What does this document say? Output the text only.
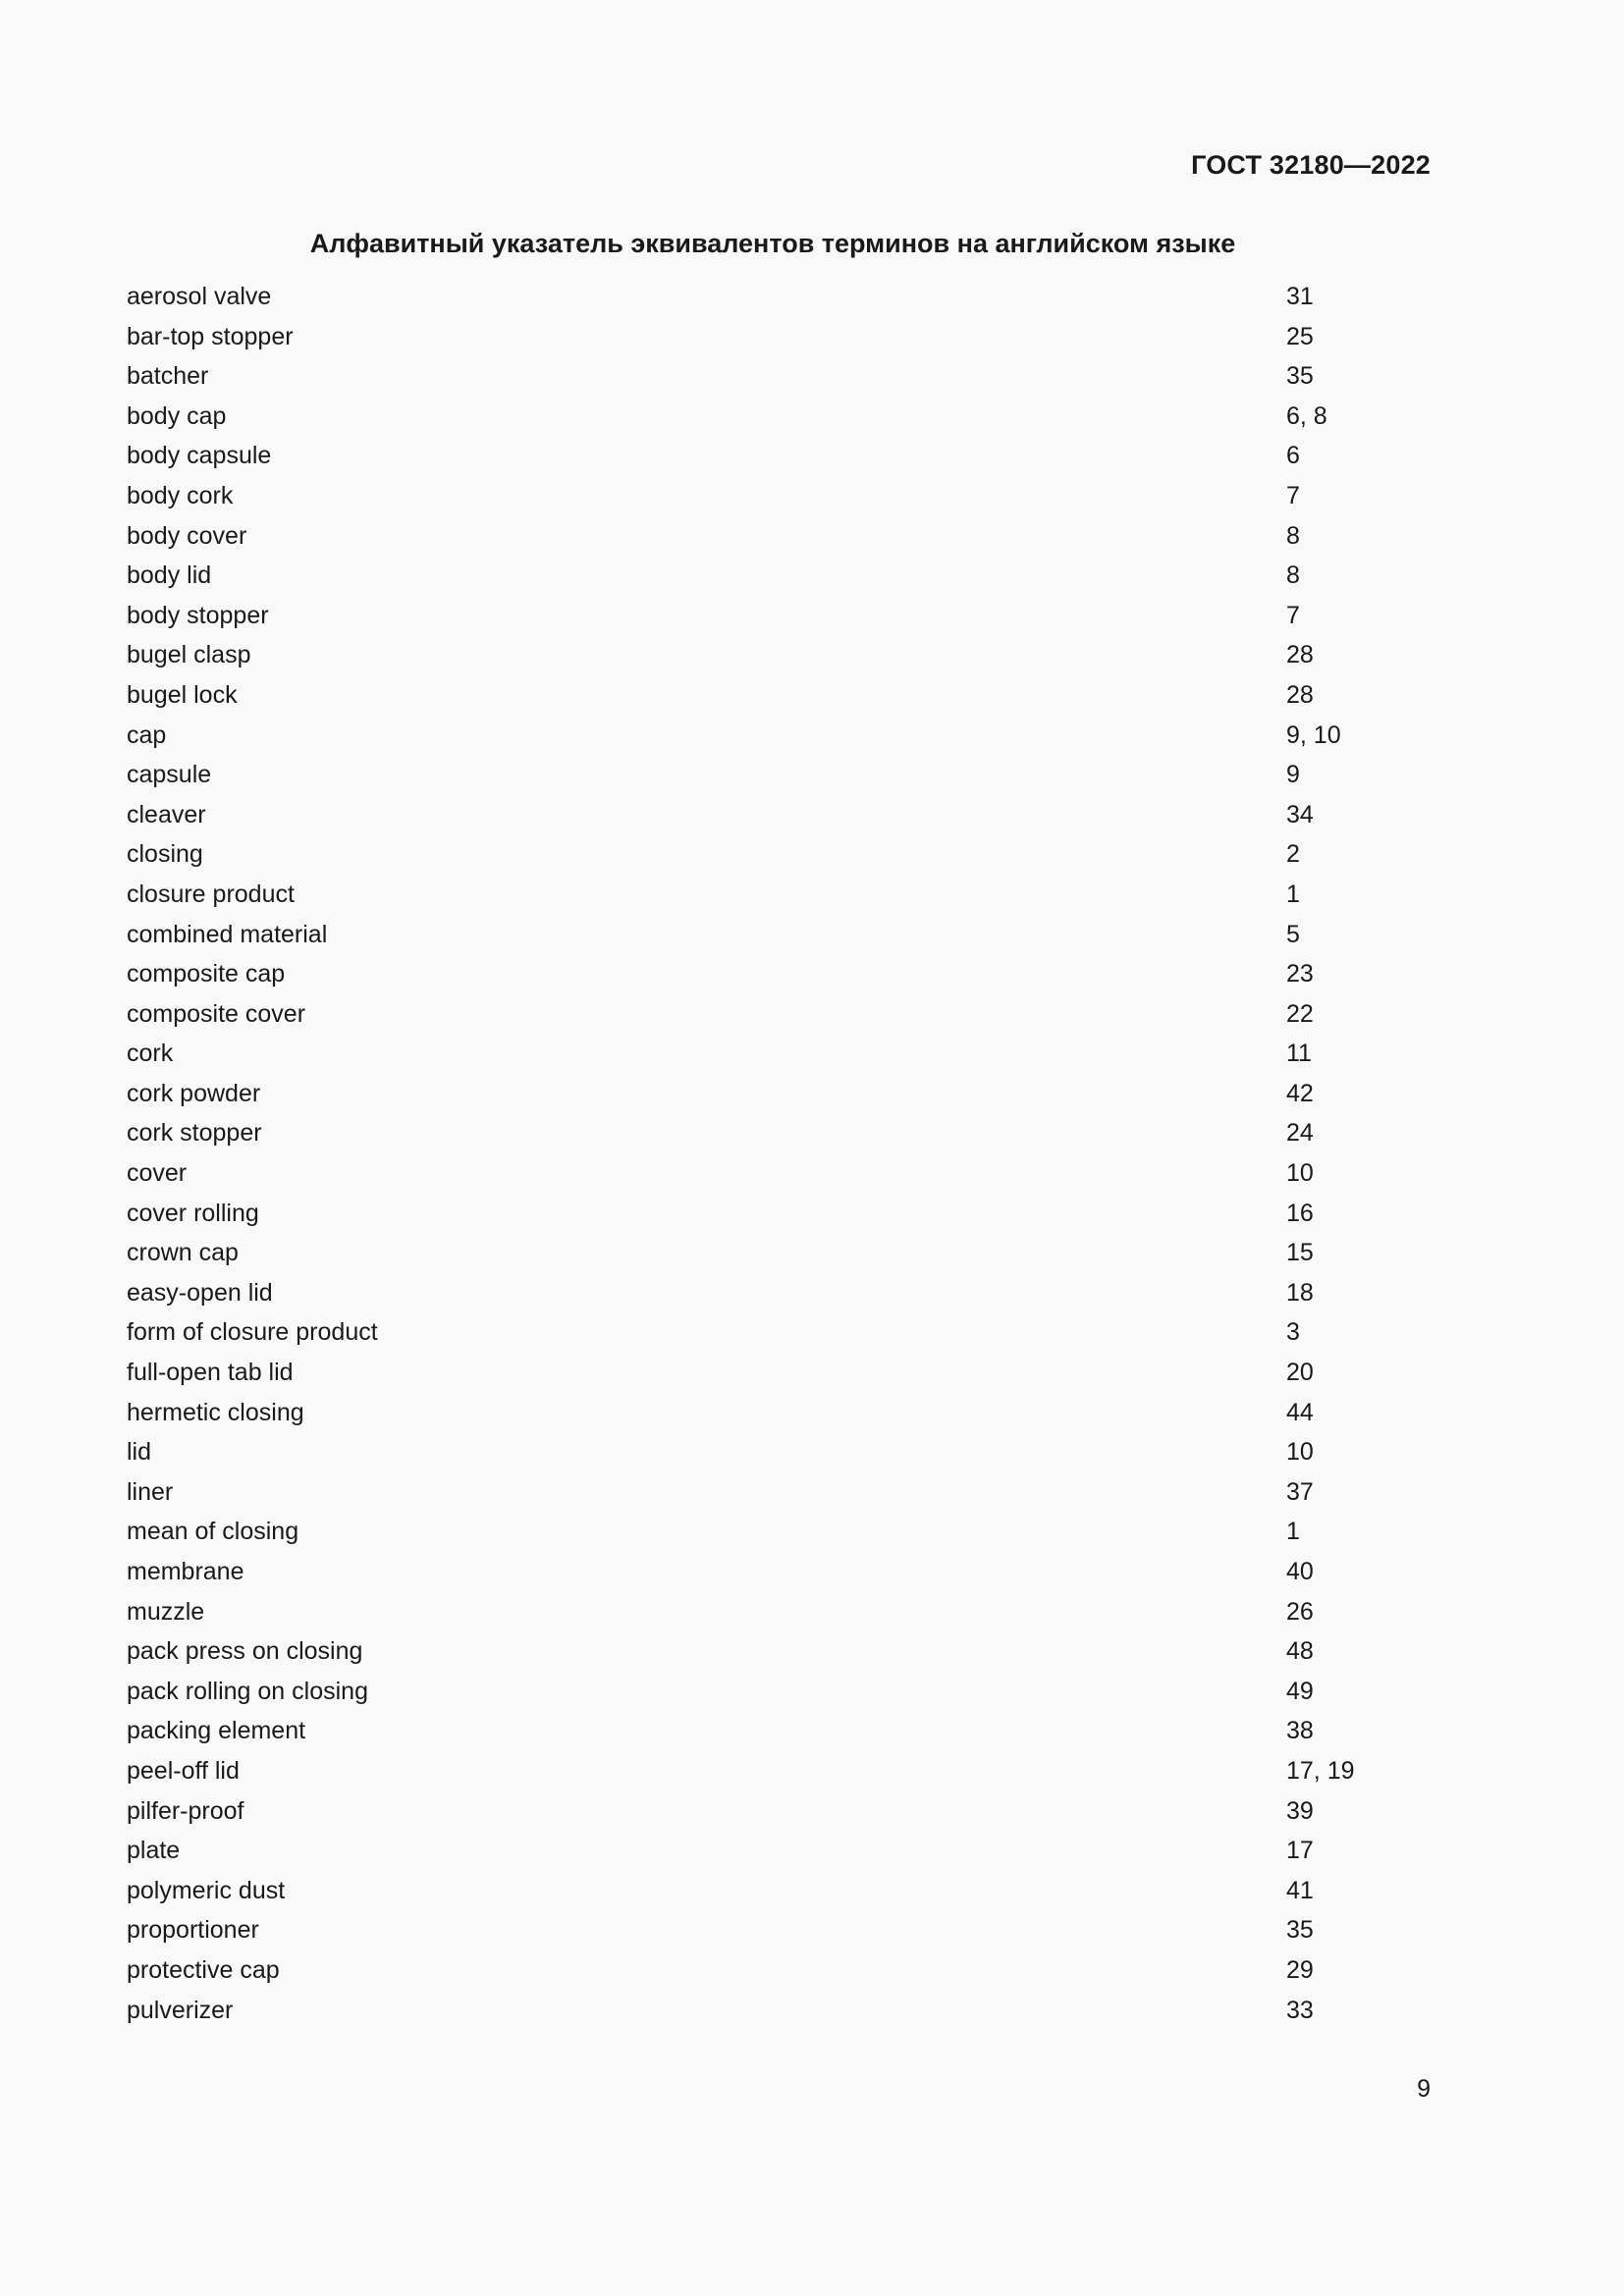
ГОСТ 32180—2022
Алфавитный указатель эквивалентов терминов на английском языке
aerosol valve	31
bar-top stopper	25
batcher	35
body cap	6, 8
body capsule	6
body cork	7
body cover	8
body lid	8
body stopper	7
bugel clasp	28
bugel lock	28
cap	9, 10
capsule	9
cleaver	34
closing	2
closure product	1
combined material	5
composite cap	23
composite cover	22
cork	11
cork powder	42
cork stopper	24
cover	10
cover rolling	16
crown cap	15
easy-open lid	18
form of closure product	3
full-open tab lid	20
hermetic closing	44
lid	10
liner	37
mean of closing	1
membrane	40
muzzle	26
pack press on closing	48
pack rolling on closing	49
packing element	38
peel-off lid	17, 19
pilfer-proof	39
plate	17
polymeric dust	41
proportioner	35
protective cap	29
pulverizer	33
9
